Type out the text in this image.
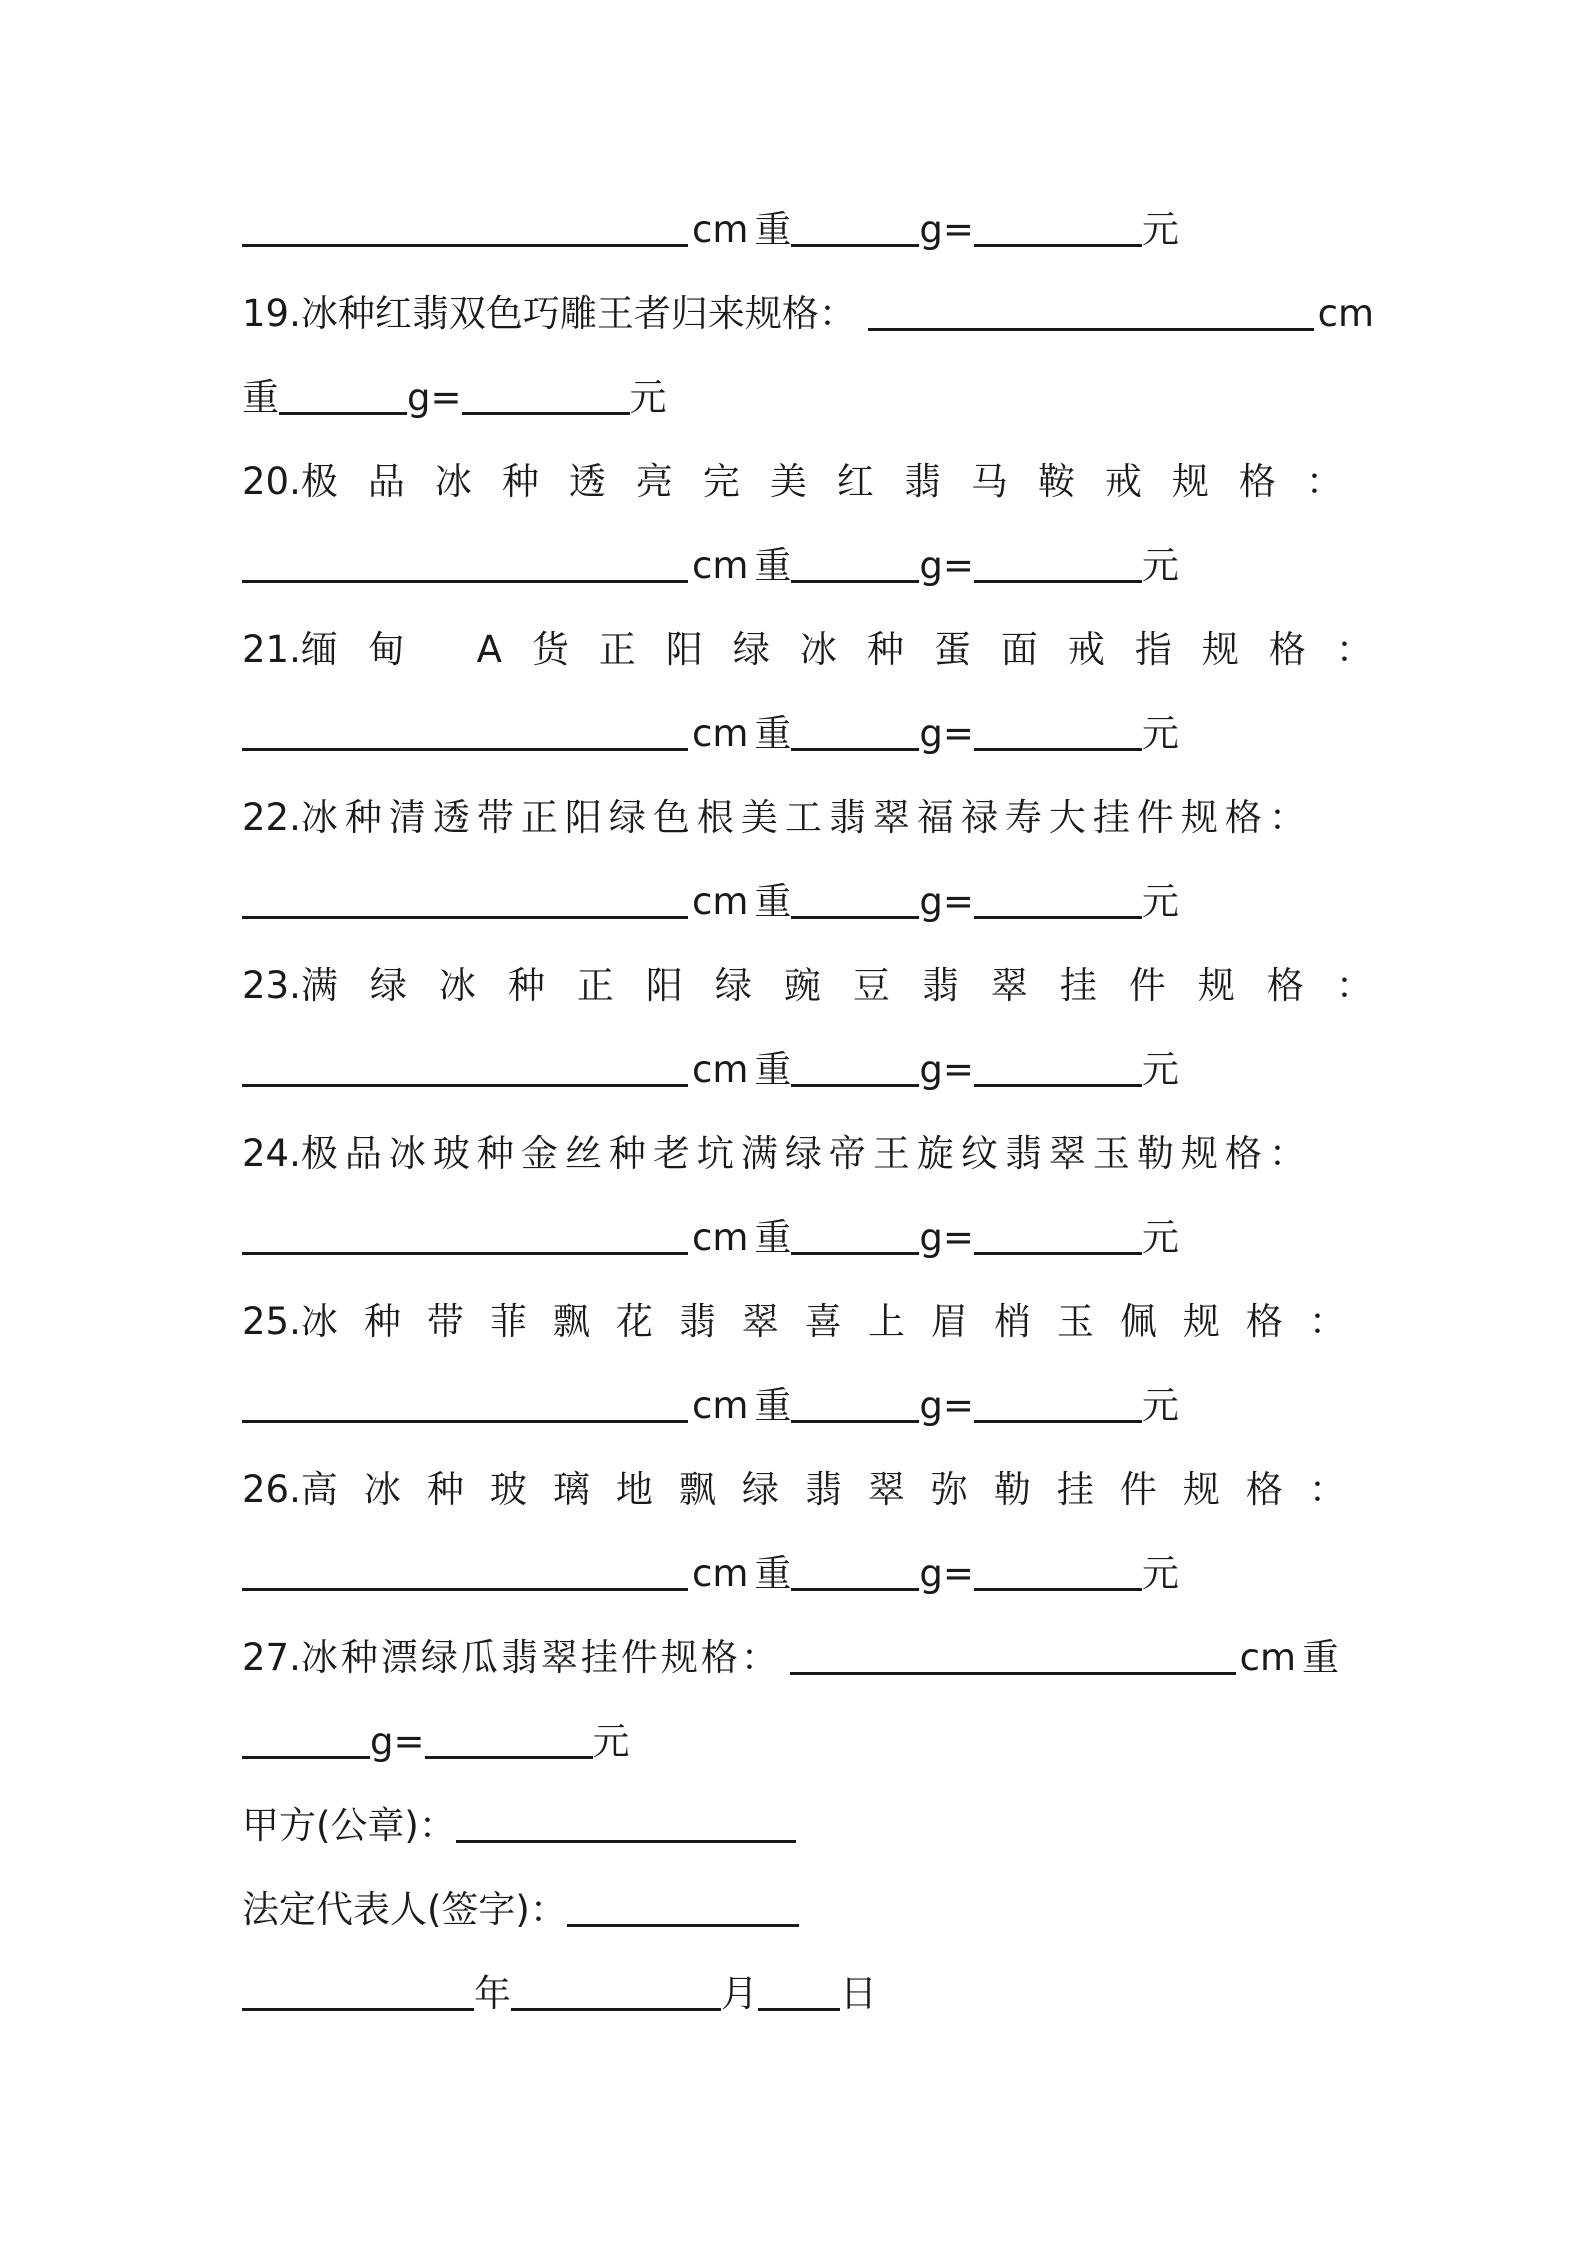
cm 重	g=	元
19.冰种红翡双色巧雕王者归来规格：	cm
重	g=	元
20.极品冰种透亮完美红翡马鞍戒规格：
cm 重	g=	元
21.缅甸 A货正阳绿冰种蛋面戒指规格：
cm 重	g=	元
22.冰种清透带正阳绿色根美工翡翠福禄寿大挂件规格：
cm 重	g=	元
23.满绿冰种正阳绿豌豆翡翠挂件规格：
cm 重	g=	元
24.极品冰玻种金丝种老坑满绿帝王旋纹翡翠玉勒规格：
cm 重	g=	元
25.冰种带菲飘花翡翠喜上眉梢玉佩规格：
cm 重	g=	元
26.高冰种玻璃地飘绿翡翠弥勒挂件规格：
cm 重	g=	元
27.冰种漂绿瓜翡翠挂件规格：	cm 重
g=	元
甲方(公章)：
法定代表人(签字)：
年	月 日
